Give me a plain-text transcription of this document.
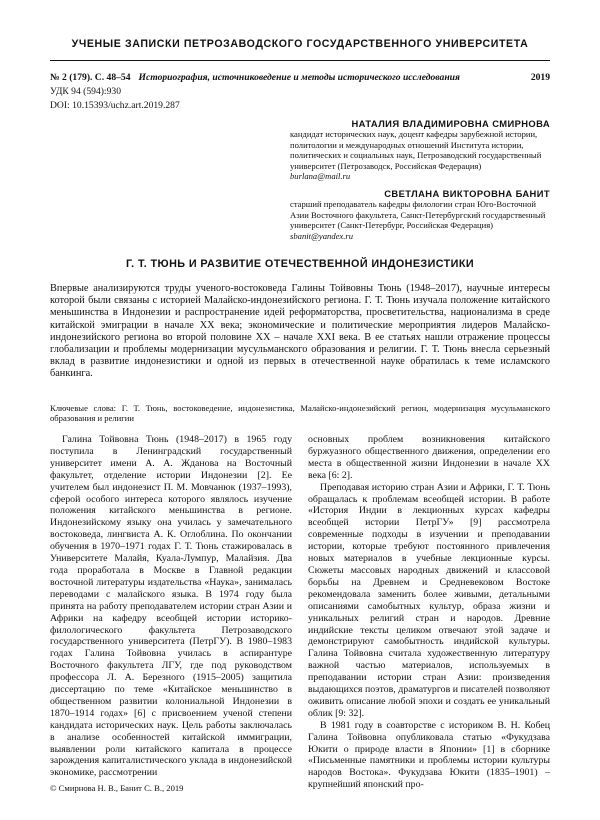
УЧЕНЫЕ ЗАПИСКИ ПЕТРОЗАВОДСКОГО ГОСУДАРСТВЕННОГО УНИВЕРСИТЕТА
№ 2 (179). С. 48–54 Историография, источниковедение и методы исторического исследования	2019
УДК 94 (594):930
DOI: 10.15393/uchz.art.2019.287
НАТАЛИЯ ВЛАДИМИРОВНА СМИРНОВА
кандидат исторических наук, доцент кафедры зарубежной истории, политологии и международных отношений Института истории, политических и социальных наук, Петрозаводский государственный университет (Петрозаводск, Российская Федерация)
burlana@mail.ru
СВЕТЛАНА ВИКТОРОВНА БАНИТ
старший преподаватель кафедры филологии стран Юго-Восточной Азии Восточного факультета, Санкт-Петербургский государственный университет (Санкт-Петербург, Российская Федерация)
sbanit@yandex.ru
Г. Т. ТЮНЬ И РАЗВИТИЕ ОТЕЧЕСТВЕННОЙ ИНДОНЕЗИСТИКИ
Впервые анализируются труды ученого-востоковеда Галины Тойвовны Тюнь (1948–2017), научные интересы которой были связаны с историей Малайско-индонезийского региона. Г. Т. Тюнь изучала положение китайского меньшинства в Индонезии и распространение идей реформаторства, просветительства, национализма в среде китайской эмиграции в начале XX века; экономические и политические мероприятия лидеров Малайско-индонезийского региона во второй половине XX – начале XXI века. В ее статьях нашли отражение процессы глобализации и проблемы модернизации мусульманского образования и религии. Г. Т. Тюнь внесла серьезный вклад в развитие индонезистики и одной из первых в отечественной науке обратилась к теме исламского банкинга.
Ключевые слова: Г. Т. Тюнь, востоковедение, индонезистика, Малайско-индонезийский регион, модернизация мусульманского образования и религии

Галина Тойвовна Тюнь (1948–2017) в 1965 году поступила в Ленинградский государственный университет имени А. А. Жданова на Восточный факультет, отделение истории Индонезии [2]. Ее учителем был индонезист П. М. Мовчанюк (1937–1993), сферой особого интереса которого являлось изучение положения китайского меньшинства в регионе. Индонезийскому языку она училась у замечательного востоковеда, лингвиста А. К. Оглоблина. По окончании обучения в 1970–1971 годах Г. Т. Тюнь стажировалась в Университете Малайя, Куала-Лумпур, Малайзия. Два года проработала в Москве в Главной редакции восточной литературы издательства «Наука», занималась переводами с малайского языка. В 1974 году была принята на работу преподавателем истории стран Азии и Африки на кафедру всеобщей истории историко-филологического факультета Петрозаводского государственного университета (ПетрГУ). В 1980–1983 годах Галина Тойвовна училась в аспирантуре Восточного факультета ЛГУ, где под руководством профессора Л. А. Березного (1915–2005) защитила диссертацию по теме «Китайское меньшинство в общественном развитии колониальной Индонезии в 1870–1914 годах» [6] с присвоением ученой степени кандидата исторических наук. Цель работы заключалась в анализе особенностей китайской иммиграции, выявлении роли китайского капитала в процессе зарождения капиталистического уклада в индонезийской экономике, рассмотрении

основных проблем возникновения китайского буржуазного общественного движения, определении его места в общественной жизни Индонезии в начале XX века [6: 2].

Преподавая историю стран Азии и Африки, Г. Т. Тюнь обращалась к проблемам всеобщей истории. В работе «История Индии в лекционных курсах кафедры всеобщей истории ПетрГУ» [9] рассмотрела современные подходы в изучении и преподавании истории, которые требуют постоянного привлечения новых материалов в учебные лекционные курсы. Сюжеты массовых народных движений и классовой борьбы на Древнем и Средневековом Востоке рекомендовала заменить более живыми, детальными описаниями самобытных культур, образа жизни и уникальных религий стран и народов. Древние индийские тексты целиком отвечают этой задаче и демонстрируют самобытность индийской культуры. Галина Тойвовна считала художественную литературу важной частью материалов, используемых в преподавании истории стран Азии: произведения выдающихся поэтов, драматургов и писателей позволяют оживить описание любой эпохи и создать ее уникальный облик [9: 32].

В 1981 году в соавторстве с историком В. Н. Кобец Галина Тойвовна опубликовала статью «Фукудзава Юкити о природе власти в Японии» [1] в сборнике «Письменные памятники и проблемы истории культуры народов Востока». Фукудзава Юкити (1835–1901) – крупнейший японский про-

© Смирнова Н. В., Банит С. В., 2019
